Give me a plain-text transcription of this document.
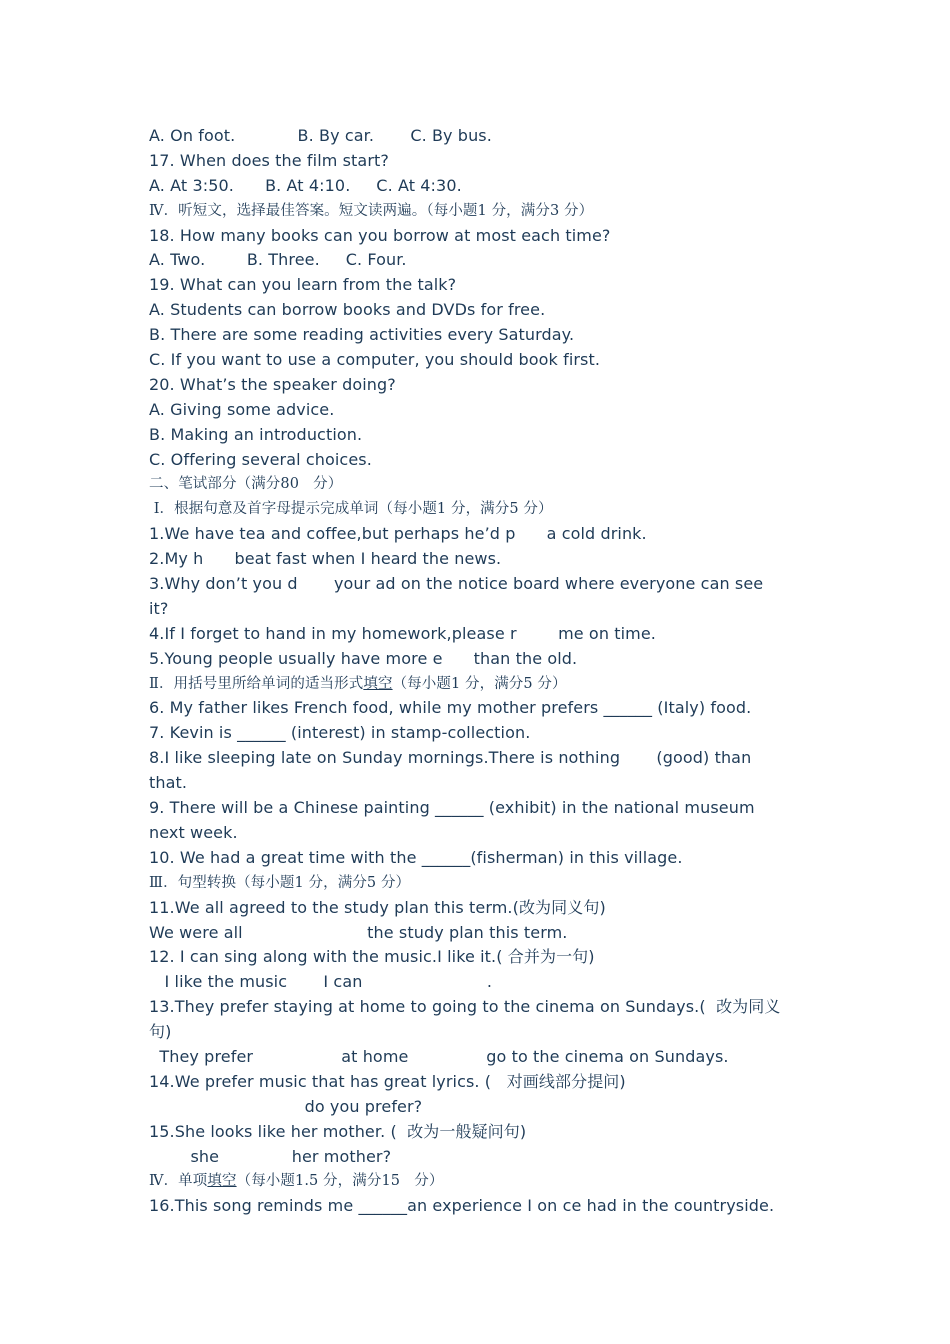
A. On foot.            B. By car.       C. By bus.
17. When does the film start?
A. At 3:50.      B. At 4:10.     C. At 4:30.
Ⅳ．听短文，选择最佳答案。短文读两遍。（每小题1 分，满分3 分）
18. How many books can you borrow at most each time?
A. Two.        B. Three.     C. Four.
19. What can you learn from the talk?
A. Students can borrow books and DVDs for free.
B. There are some reading activities every Saturday.
C. If you want to use a computer, you should book first.
20. What’s the speaker doing?
A. Giving some advice.
B. Making an introduction.
C. Offering several choices.
二、笔试部分（满分80   分）
Ⅰ．根据句意及首字母提示完成单词（每小题1 分，满分5 分）
1.We have tea and coffee,but perhaps he’d p      a cold drink.
2.My h      beat fast when I heard the news.
3.Why don’t you d       your ad on the notice board where everyone can see
it?
4.If I forget to hand in my homework,please r        me on time.
5.Young people usually have more e      than the old.
Ⅱ．用括号里所给单词的适当形式填空（每小题1 分，满分5 分）
6. My father likes French food, while my mother prefers ______ (Italy) food.
7. Kevin is ______ (interest) in stamp-collection.
8.I like sleeping late on Sunday mornings.There is nothing       (good) than
that.
9. There will be a Chinese painting ______ (exhibit) in the national museum
next week.
10. We had a great time with the ______(fisherman) in this village.
Ⅲ．句型转换（每小题1 分，满分5 分）
11.We all agreed to the study plan this term.(改为同义句)
We were all                        the study plan this term.
12. I can sing along with the music.I like it.( 合并为一句)
I like the music       I can                        .
13.They prefer staying at home to going to the cinema on Sundays.(  改为同义
句)
They prefer                 at home               go to the cinema on Sundays.
14.We prefer music that has great lyrics. (   对画线部分提问)
do you prefer?
15.She looks like her mother. (  改为一般疑问句)
she              her mother?
Ⅳ．单项填空（每小题1.5 分，满分15   分）
16.This song reminds me ______an experience I on ce had in the countryside.
